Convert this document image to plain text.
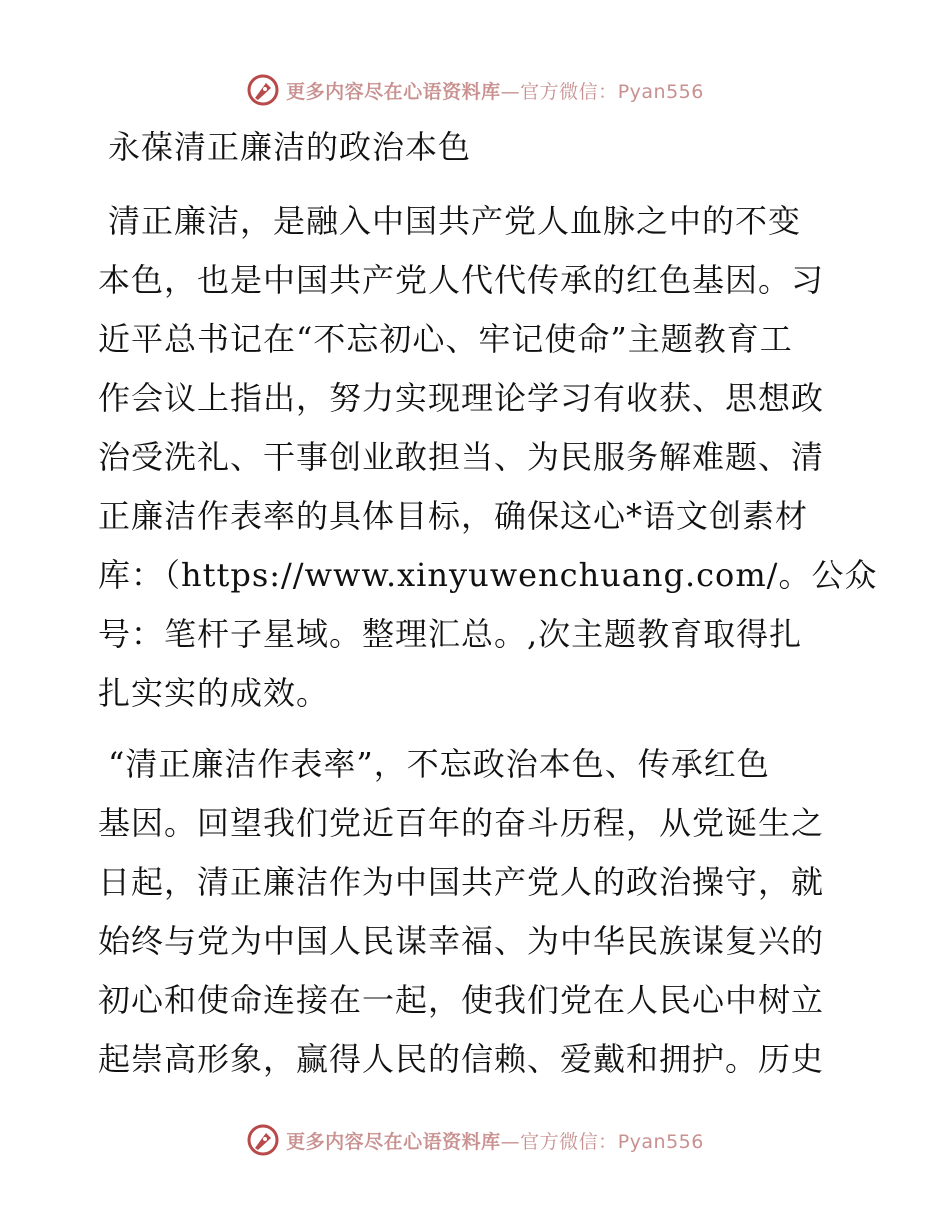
更多内容尽在心语资料库—官方微信：Pyan556
永葆清正廉洁的政治本色

清正廉洁，是融入中国共产党人血脉之中的不变
本色，也是中国共产党人代代传承的红色基因。习
近平总书记在“不忘初心、牢记使命”主题教育工
作会议上指出，努力实现理论学习有收获、思想政
治受洗礼、干事创业敢担当、为民服务解难题、清
正廉洁作表率的具体目标，确保这心*语文创素材
库：（https://www.xinyuwenchuang.com/。公众
号：笔杆子星域。整理汇总。,次主题教育取得扎
扎实实的成效。

“清正廉洁作表率”，不忘政治本色、传承红色
基因。回望我们党近百年的奋斗历程，从党诞生之
日起，清正廉洁作为中国共产党人的政治操守，就
始终与党为中国人民谋幸福、为中华民族谋复兴的
初心和使命连接在一起，使我们党在人民心中树立
起崇高形象，赢得人民的信赖、爱戴和拥护。历史

更多内容尽在心语资料库—官方微信：Pyan556
